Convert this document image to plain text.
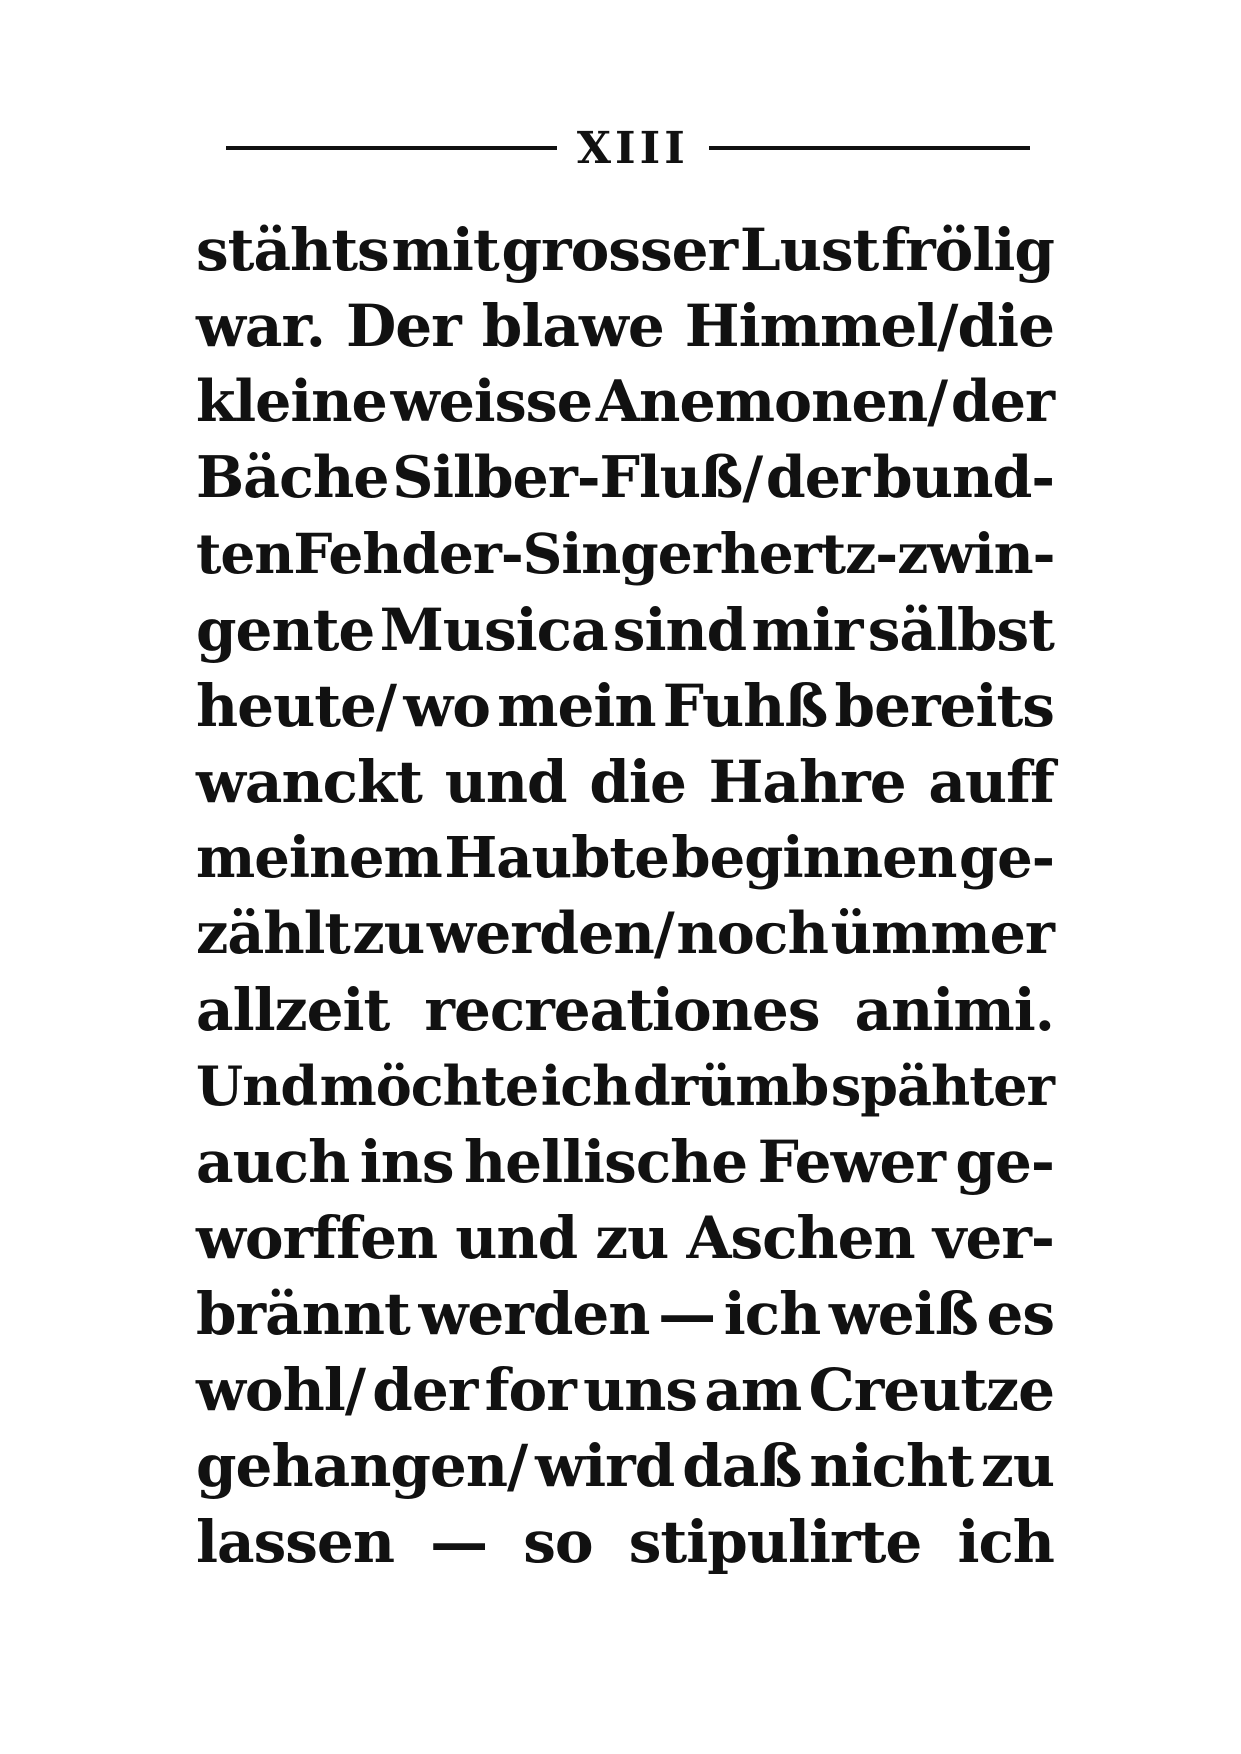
XIII
stähts mit grosser Lust frölig
war. Der blawe Himmel/die
kleine weisse Anemonen/ der
Bäche Silber-Fluß/ der bund-
ten Fehder-Singer hertz-zwin-
gente Musica sind mir sälbst
heute/ wo mein Fuhß bereits
wanckt und die Hahre auff
meinem Haubte beginnen ge-
zählt zu werden/ noch ümmer
allzeit recreationes animi.
Und möchte ich drümb spähter
auch ins hellische Fewer ge-
worffen und zu Aschen ver-
brännt werden — ich weiß es
wohl/ der for uns am Creutze
gehangen/ wird daß nicht zu
lassen — so stipulirte ich
